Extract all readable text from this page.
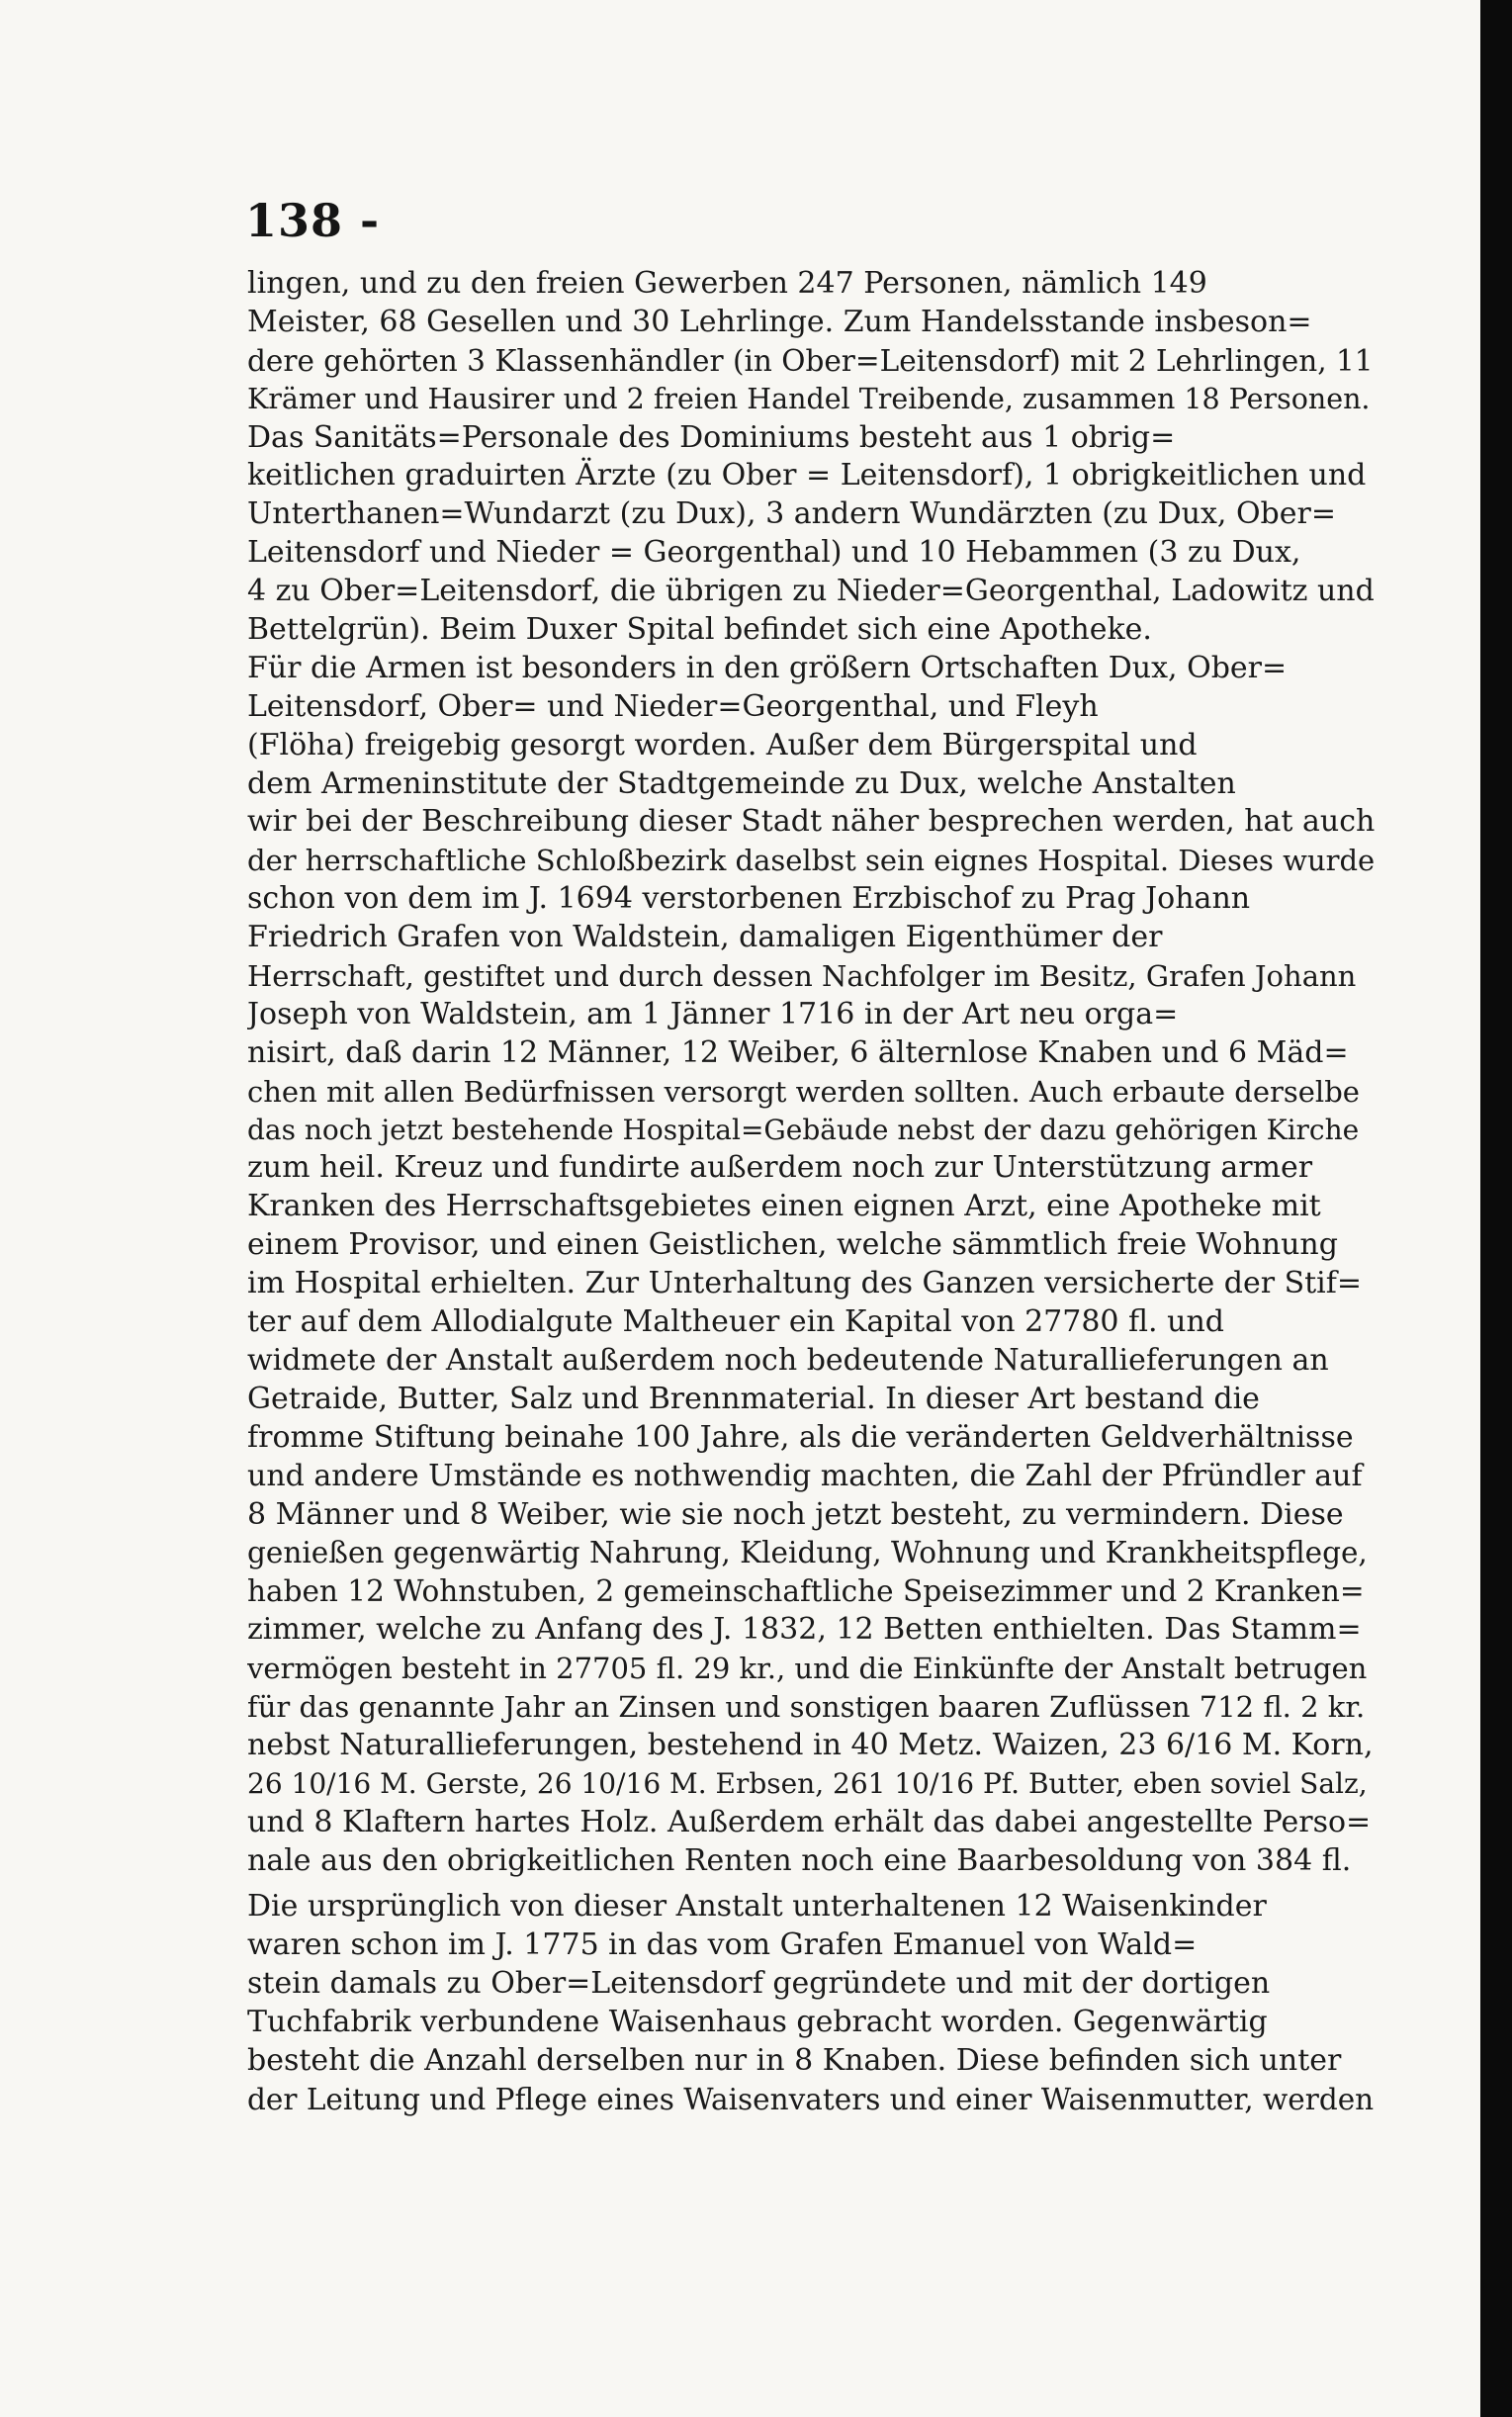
138 -
lingen, und zu den freien Gewerben 247 Personen, nämlich 149
Meister, 68 Gesellen und 30 Lehrlinge. Zum Handelsstande insbeson=
dere gehörten 3 Klassenhändler (in Ober=Leitensdorf) mit 2 Lehrlingen, 11
Krämer und Hausirer und 2 freien Handel Treibende, zusammen 18 Personen.
Das Sanitäts=Personale des Dominiums besteht aus 1 obrig=
keitlichen graduirten Ärzte (zu Ober = Leitensdorf), 1 obrigkeitlichen und
Unterthanen=Wundarzt (zu Dux), 3 andern Wundärzten (zu Dux, Ober=
Leitensdorf und Nieder = Georgenthal) und 10 Hebammen (3 zu Dux,
4 zu Ober=Leitensdorf, die übrigen zu Nieder=Georgenthal, Ladowitz und
Bettelgrün). Beim Duxer Spital befindet sich eine Apotheke.
Für die Armen ist besonders in den größern Ortschaften Dux, Ober=
Leitensdorf, Ober= und Nieder=Georgenthal, und Fleyh
(Flöha) freigebig gesorgt worden. Außer dem Bürgerspital und
dem Armeninstitute der Stadtgemeinde zu Dux, welche Anstalten
wir bei der Beschreibung dieser Stadt näher besprechen werden, hat auch
der herrschaftliche Schloßbezirk daselbst sein eignes Hospital. Dieses wurde
schon von dem im J. 1694 verstorbenen Erzbischof zu Prag Johann
Friedrich Grafen von Waldstein, damaligen Eigenthümer der
Herrschaft, gestiftet und durch dessen Nachfolger im Besitz, Grafen Johann
Joseph von Waldstein, am 1 Jänner 1716 in der Art neu orga=
nisirt, daß darin 12 Männer, 12 Weiber, 6 älternlose Knaben und 6 Mäd=
chen mit allen Bedürfnissen versorgt werden sollten. Auch erbaute derselbe
das noch jetzt bestehende Hospital=Gebäude nebst der dazu gehörigen Kirche
zum heil. Kreuz und fundirte außerdem noch zur Unterstützung armer
Kranken des Herrschaftsgebietes einen eignen Arzt, eine Apotheke mit
einem Provisor, und einen Geistlichen, welche sämmtlich freie Wohnung
im Hospital erhielten. Zur Unterhaltung des Ganzen versicherte der Stif=
ter auf dem Allodialgute Maltheuer ein Kapital von 27780 fl. und
widmete der Anstalt außerdem noch bedeutende Naturallieferungen an
Getraide, Butter, Salz und Brennmaterial. In dieser Art bestand die
fromme Stiftung beinahe 100 Jahre, als die veränderten Geldverhältnisse
und andere Umstände es nothwendig machten, die Zahl der Pfründler auf
8 Männer und 8 Weiber, wie sie noch jetzt besteht, zu vermindern. Diese
genießen gegenwärtig Nahrung, Kleidung, Wohnung und Krankheitspflege,
haben 12 Wohnstuben, 2 gemeinschaftliche Speisezimmer und 2 Kranken=
zimmer, welche zu Anfang des J. 1832, 12 Betten enthielten. Das Stamm=
vermögen besteht in 27705 fl. 29 kr., und die Einkünfte der Anstalt betrugen
für das genannte Jahr an Zinsen und sonstigen baaren Zuflüssen 712 fl. 2 kr.
nebst Naturallieferungen, bestehend in 40 Metz. Waizen, 23 6/16 M. Korn,
26 10/16 M. Gerste, 26 10/16 M. Erbsen, 261 10/16 Pf. Butter, eben soviel Salz,
und 8 Klaftern hartes Holz. Außerdem erhält das dabei angestellte Perso=
nale aus den obrigkeitlichen Renten noch eine Baarbesoldung von 384 fl.
Die ursprünglich von dieser Anstalt unterhaltenen 12 Waisenkinder
waren schon im J. 1775 in das vom Grafen Emanuel von Wald=
stein damals zu Ober=Leitensdorf gegründete und mit der dortigen
Tuchfabrik verbundene Waisenhaus gebracht worden. Gegenwärtig
besteht die Anzahl derselben nur in 8 Knaben. Diese befinden sich unter
der Leitung und Pflege eines Waisenvaters und einer Waisenmutter, werden
